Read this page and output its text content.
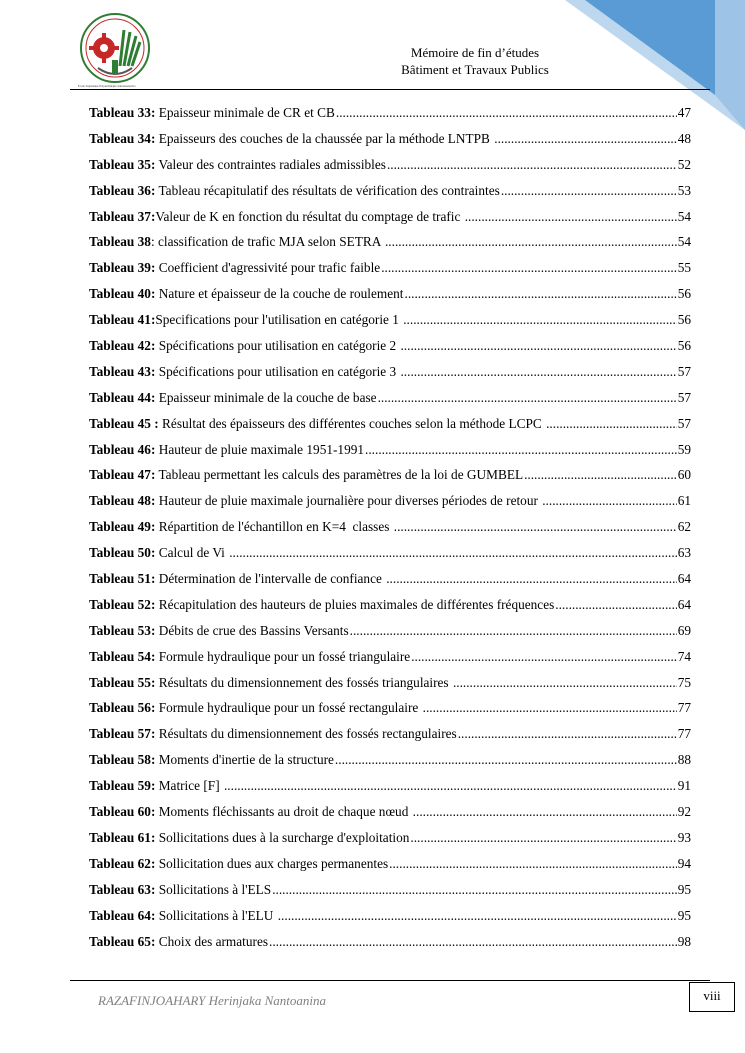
Ecole Supérieure Polytechnique d'Antananarivo
Mémoire de fin d’études
Bâtiment et Travaux Publics
Tableau 33: Epaisseur minimale de CR et CB .....	47
Tableau 34: Epaisseurs des couches de la chaussée par la méthode LNTPB .....	48
Tableau 35: Valeur des contraintes radiales admissibles .....	52
Tableau 36: Tableau récapitulatif des résultats de vérification des contraintes .....	53
Tableau 37: Valeur de K en fonction du résultat du comptage de trafic .....	54
Tableau 38 : classification de trafic MJA selon SETRA .....	54
Tableau 39: Coefficient d'agressivité pour trafic faible .....	55
Tableau 40: Nature et épaisseur de la couche de roulement .....	56
Tableau 41: Specifications pour l'utilisation en catégorie 1 .....	56
Tableau 42: Spécifications pour utilisation en catégorie 2 .....	56
Tableau 43: Spécifications pour utilisation en catégorie 3 .....	57
Tableau 44: Epaisseur minimale de la couche de base .....	57
Tableau 45 : Résultat des épaisseurs des différentes couches selon la méthode LCPC .....	57
Tableau 46: Hauteur de pluie maximale 1951-1991 .....	59
Tableau 47: Tableau permettant les calculs des paramètres de la loi de GUMBEL .....	60
Tableau 48: Hauteur de pluie maximale journalière pour diverses périodes de retour .....	61
Tableau 49: Répartition de l'échantillon en K=4  classes .....	62
Tableau 50: Calcul de Vi .....	63
Tableau 51: Détermination de l'intervalle de confiance .....	64
Tableau 52: Récapitulation des hauteurs de pluies maximales de différentes fréquences .....	64
Tableau 53: Débits de crue des Bassins Versants .....	69
Tableau 54: Formule hydraulique pour un fossé triangulaire .....	74
Tableau 55: Résultats du dimensionnement des fossés triangulaires .....	75
Tableau 56: Formule hydraulique pour un fossé rectangulaire .....	77
Tableau 57: Résultats du dimensionnement des fossés rectangulaires .....	77
Tableau 58: Moments d'inertie de la structure .....	88
Tableau 59: Matrice [F] .....	91
Tableau 60: Moments fléchissants au droit de chaque nœud .....	92
Tableau 61: Sollicitations dues à la surcharge d'exploitation .....	93
Tableau 62: Sollicitation dues aux charges permanentes .....	94
Tableau 63: Sollicitations à l'ELS .....	95
Tableau 64: Sollicitations à l'ELU .....	95
Tableau 65: Choix des armatures .....	98
RAZAFINJOAHARY Herinjaka Nantoanina	viii
